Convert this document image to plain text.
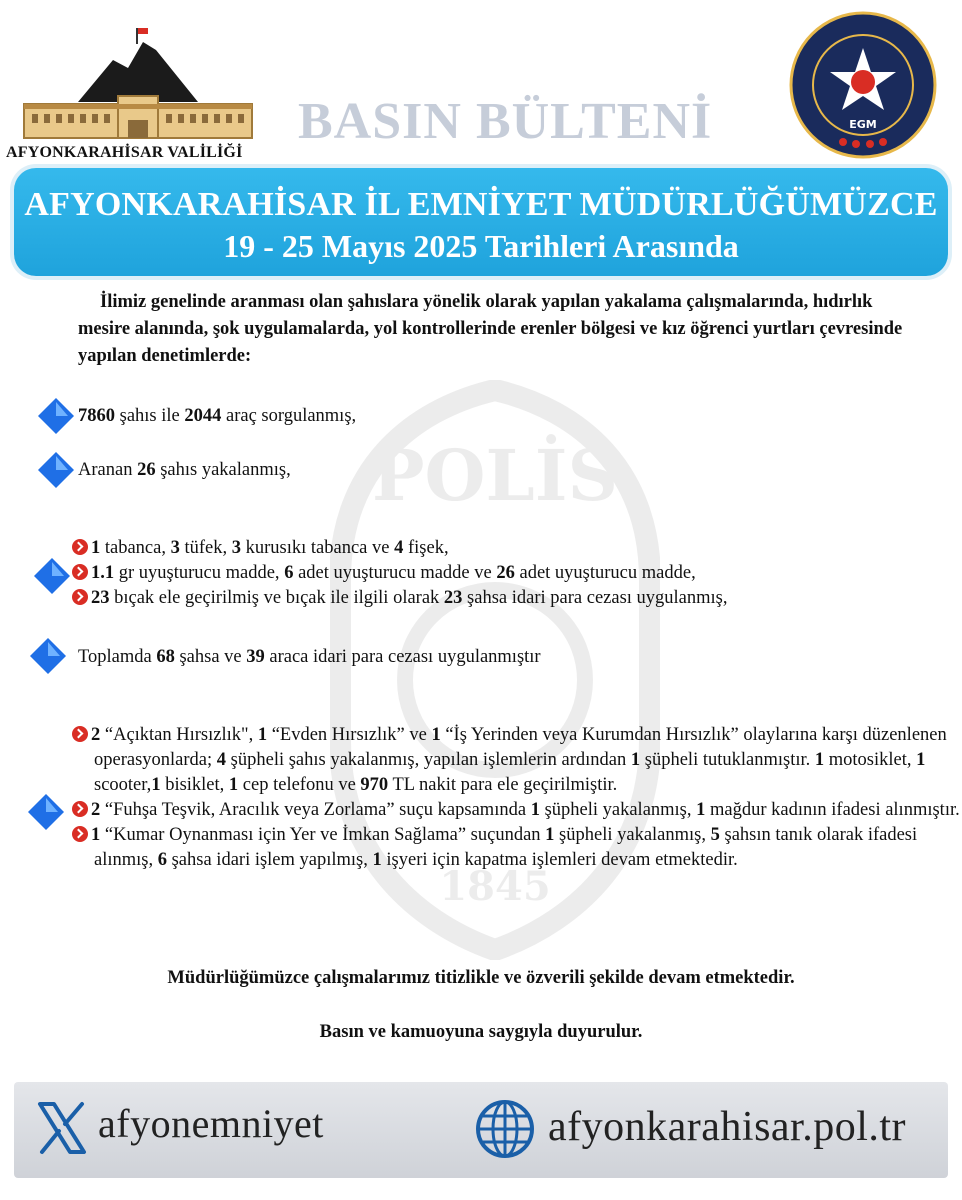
POLİS
1845
AFYONKARAHİSAR VALİLİĞİ
BASIN BÜLTENİ	EGM
AFYONKARAHİSAR İL EMNİYET MÜDÜRLÜĞÜMÜZCE
19 - 25 Mayıs 2025 Tarihleri Arasında
İlimiz genelinde aranması olan şahıslara yönelik olarak yapılan yakalama çalışmalarında, hıdırlık mesire alanında, şok uygulamalarda, yol kontrollerinde erenler bölgesi ve kız öğrenci yurtları çevresinde yapılan denetimlerde:
7860 şahıs ile 2044 araç sorgulanmış,
Aranan 26 şahıs yakalanmış,
1 tabanca, 3 tüfek, 3 kurusıkı tabanca ve 4 fişek,
1.1 gr uyuşturucu madde, 6 adet uyuşturucu madde ve 26 adet uyuşturucu madde,
23 bıçak ele geçirilmiş ve bıçak ile ilgili olarak 23 şahsa idari para cezası uygulanmış,
Toplamda 68 şahsa ve 39 araca idari para cezası uygulanmıştır
2 “Açıktan Hırsızlık", 1 “Evden Hırsızlık” ve 1 “İş Yerinden veya Kurumdan Hırsızlık” olaylarına karşı düzenlenen operasyonlarda; 4 şüpheli şahıs yakalanmış, yapılan işlemlerin ardından 1 şüpheli tutuklanmıştır. 1 motosiklet, 1 scooter,1 bisiklet, 1 cep telefonu ve 970 TL nakit para ele geçirilmiştir.
2 “Fuhşa Teşvik, Aracılık veya Zorlama” suçu kapsamında 1 şüpheli yakalanmış, 1 mağdur kadının ifadesi alınmıştır.
1 “Kumar Oynanması için Yer ve İmkan Sağlama” suçundan 1 şüpheli yakalanmış, 5 şahsın tanık olarak ifadesi alınmış, 6 şahsa idari işlem yapılmış, 1 işyeri için kapatma işlemleri devam etmektedir.
Müdürlüğümüzce çalışmalarımız titizlikle ve özverili şekilde devam etmektedir.
Basın ve kamuoyuna saygıyla duyurulur.
afyonemniyet	afyonkarahisar.pol.tr
